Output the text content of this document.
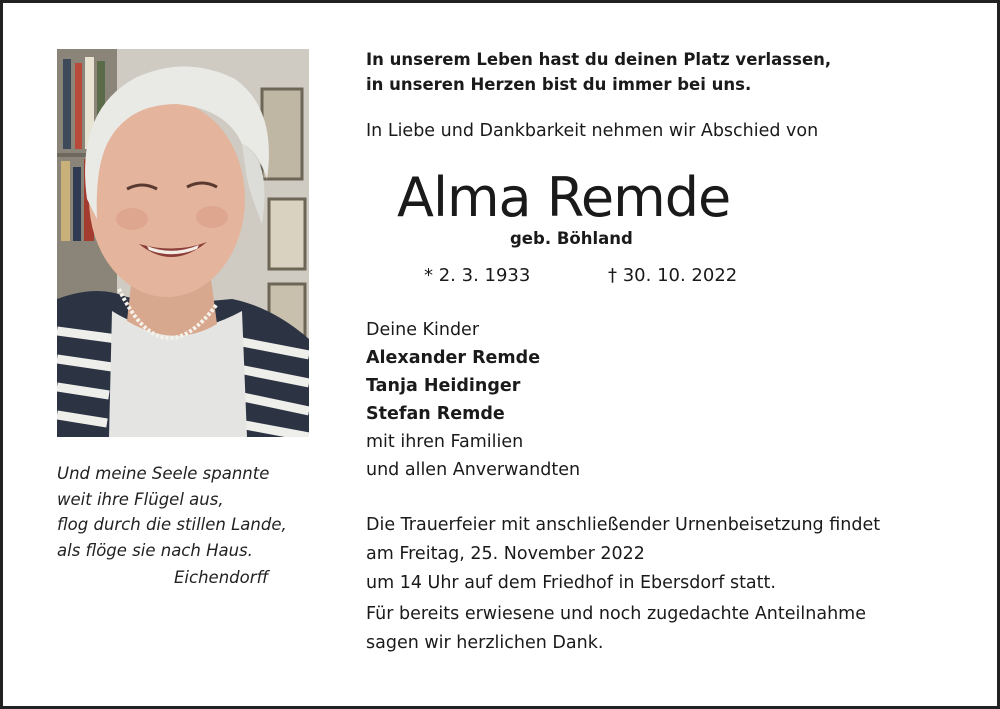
Und meine Seele spannte
weit ihre Flügel aus,
flog durch die stillen Lande,
als flöge sie nach Haus.
Eichendorff
In unserem Leben hast du deinen Platz verlassen,
in unseren Herzen bist du immer bei uns.
In Liebe und Dankbarkeit nehmen wir Abschied von
Alma Remde
geb. Böhland
* 2. 3. 1933	† 30. 10. 2022
Deine Kinder
Alexander Remde
Tanja Heidinger
Stefan Remde
mit ihren Familien
und allen Anverwandten
Die Trauerfeier mit anschließender Urnenbeisetzung findet
am Freitag, 25. November 2022
um 14 Uhr auf dem Friedhof in Ebersdorf statt.
Für bereits erwiesene und noch zugedachte Anteilnahme
sagen wir herzlichen Dank.
